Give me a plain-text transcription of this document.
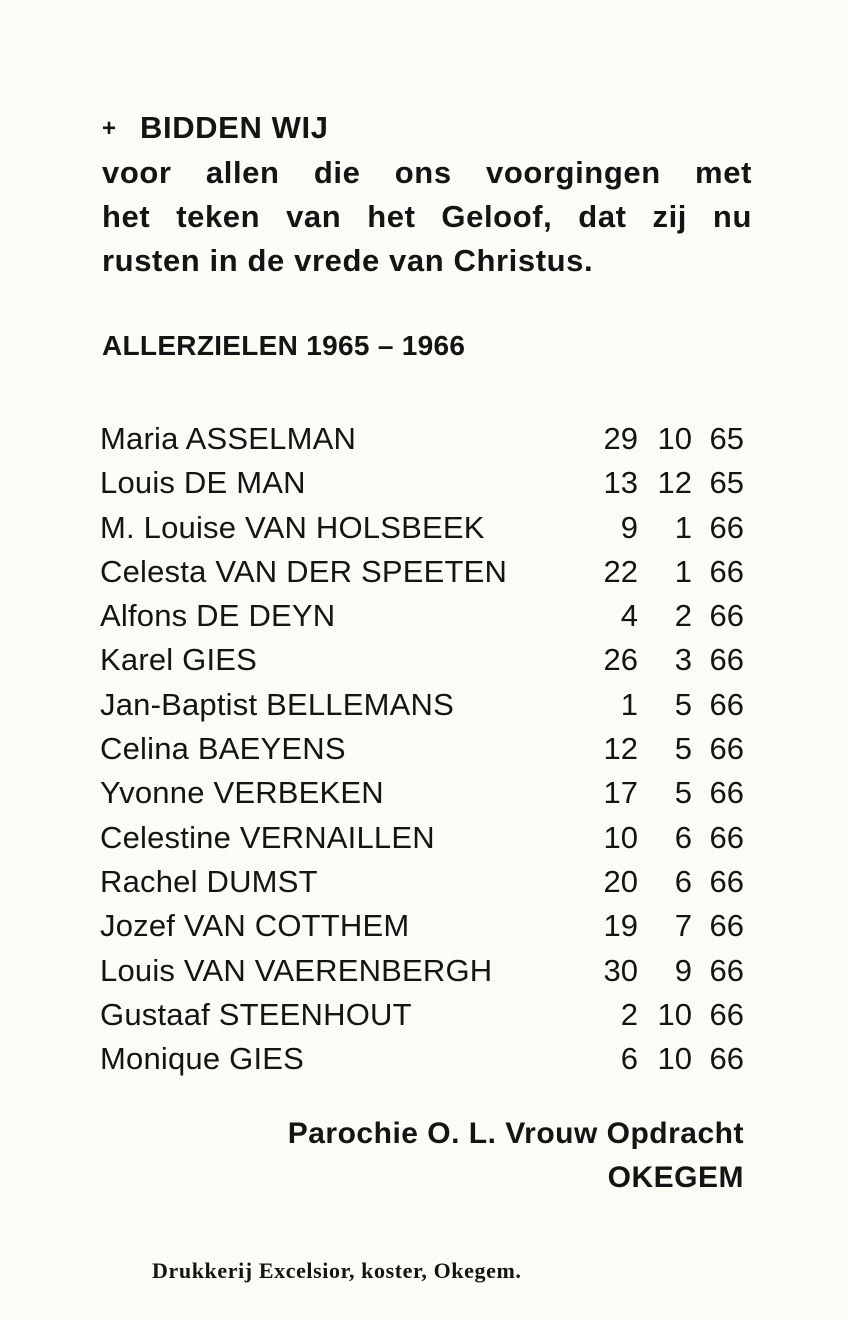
+ BIDDEN WIJ
voor allen die ons voorgingen met
het teken van het Geloof, dat zij nu
rusten in de vrede van Christus.
ALLERZIELEN 1965 – 1966
Maria ASSELMAN	29 10 65
Louis DE MAN	13 12 65
M. Louise VAN HOLSBEEK	9	1 66
Celesta VAN DER SPEETEN	22	1 66
Alfons DE DEYN	4	2 66
Karel GIES	26	3 66
Jan-Baptist BELLEMANS	1	5 66
Celina BAEYENS	12	5 66
Yvonne VERBEKEN	17	5 66
Celestine VERNAILLEN	10	6 66
Rachel DUMST	20	6 66
Jozef VAN COTTHEM	19	7 66
Louis VAN VAERENBERGH	30	9 66
Gustaaf STEENHOUT	2 10 66
Monique GIES	6 10 66
Parochie O. L. Vrouw Opdracht
OKEGEM
Drukkerij Excelsior, koster, Okegem.
